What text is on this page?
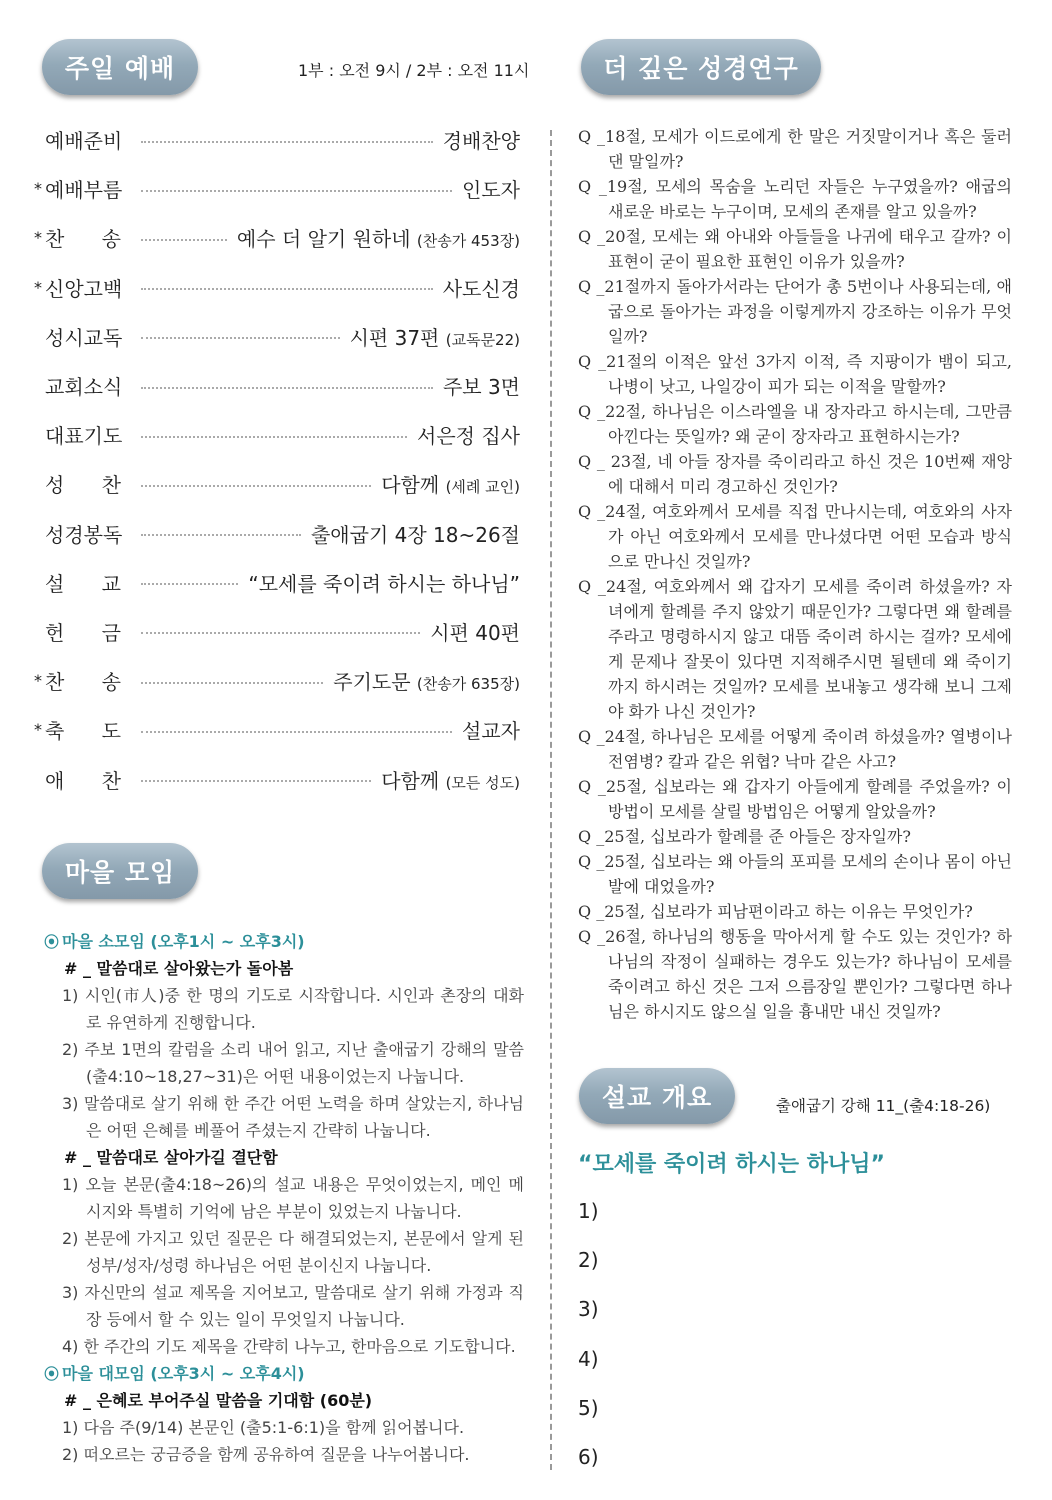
주일 예배	1부 : 오전 9시 / 2부 : 오전 11시	더 깊은 성경연구
마을 모임
설교 개요
예배준비	경배찬양
* 예배부름	인도자
* 찬 송	예수 더 알기 원하네 (찬송가 453장)
* 신앙고백	사도신경
성시교독	시편 37편 (교독문22)
교회소식	주보 3면
대표기도	서은정 집사
성 찬	다함께 (세례 교인)
성경봉독	출애굽기 4장 18~26절
설 교	“모세를 죽이려 하시는 하나님”
헌 금	시편 40편
* 찬 송	주기도문 (찬송가 635장)
* 축 도	설교자
애 찬	다함께 (모든 성도)
⦿ 마을 소모임 (오후1시 ~ 오후3시)
# _ 말씀대로 살아왔는가 돌아봄
1) 시인(市人)중 한 명의 기도로 시작합니다. 시인과 촌장의 대화로 유연하게 진행합니다.
2) 주보 1면의 칼럼을 소리 내어 읽고, 지난 출애굽기 강해의 말씀(출4:10~18,27~31)은 어떤 내용이었는지 나눕니다.
3) 말씀대로 살기 위해 한 주간 어떤 노력을 하며 살았는지, 하나님은 어떤 은혜를 베풀어 주셨는지 간략히 나눕니다.
# _ 말씀대로 살아가길 결단함
1) 오늘 본문(출4:18~26)의 설교 내용은 무엇이었는지, 메인 메시지와 특별히 기억에 남은 부분이 있었는지 나눕니다.
2) 본문에 가지고 있던 질문은 다 해결되었는지, 본문에서 알게 된 성부/성자/성령 하나님은 어떤 분이신지 나눕니다.
3) 자신만의 설교 제목을 지어보고, 말씀대로 살기 위해 가정과 직장 등에서 할 수 있는 일이 무엇일지 나눕니다.
4) 한 주간의 기도 제목을 간략히 나누고, 한마음으로 기도합니다.
⦿ 마을 대모임 (오후3시 ~ 오후4시)
# _ 은혜로 부어주실 말씀을 기대함 (60분)
1) 다음 주(9/14) 본문인 (출5:1-6:1)을 함께 읽어봅니다.
2) 떠오르는 궁금증을 함께 공유하여 질문을 나누어봅니다.
Q _18절, 모세가 이드로에게 한 말은 거짓말이거나 혹은 둘러댄 말일까?
Q _19절, 모세의 목숨을 노리던 자들은 누구였을까? 애굽의 새로운 바로는 누구이며, 모세의 존재를 알고 있을까?
Q _20절, 모세는 왜 아내와 아들들을 나귀에 태우고 갈까? 이 표현이 굳이 필요한 표현인 이유가 있을까?
Q _21절까지 돌아가서라는 단어가 총 5번이나 사용되는데, 애굽으로 돌아가는 과정을 이렇게까지 강조하는 이유가 무엇일까?
Q _21절의 이적은 앞선 3가지 이적, 즉 지팡이가 뱀이 되고, 나병이 낫고, 나일강이 피가 되는 이적을 말할까?
Q _22절, 하나님은 이스라엘을 내 장자라고 하시는데, 그만큼 아낀다는 뜻일까? 왜 굳이 장자라고 표현하시는가?
Q _ 23절, 네 아들 장자를 죽이리라고 하신 것은 10번째 재앙에 대해서 미리 경고하신 것인가?
Q _24절, 여호와께서 모세를 직접 만나시는데, 여호와의 사자가 아닌 여호와께서 모세를 만나셨다면 어떤 모습과 방식으로 만나신 것일까?
Q _24절, 여호와께서 왜 갑자기 모세를 죽이려 하셨을까? 자녀에게 할례를 주지 않았기 때문인가? 그렇다면 왜 할례를 주라고 명령하시지 않고 대뜸 죽이려 하시는 걸까? 모세에게 문제나 잘못이 있다면 지적해주시면 될텐데 왜 죽이기 까지 하시려는 것일까? 모세를 보내놓고 생각해 보니 그제야 화가 나신 것인가?
Q _24절, 하나님은 모세를 어떻게 죽이려 하셨을까? 열병이나 전염병? 칼과 같은 위협? 낙마 같은 사고?
Q _25절, 십보라는 왜 갑자기 아들에게 할례를 주었을까? 이 방법이 모세를 살릴 방법임은 어떻게 알았을까?
Q _25절, 십보라가 할례를 준 아들은 장자일까?
Q _25절, 십보라는 왜 아들의 포피를 모세의 손이나 몸이 아닌 발에 대었을까?
Q _25절, 십보라가 피남편이라고 하는 이유는 무엇인가?
Q _26절, 하나님의 행동을 막아서게 할 수도 있는 것인가? 하나님의 작정이 실패하는 경우도 있는가? 하나님이 모세를 죽이려고 하신 것은 그저 으름장일 뿐인가? 그렇다면 하나님은 하시지도 않으실 일을 흉내만 내신 것일까?
출애굽기 강해 11_(출4:18-26)
“모세를 죽이려 하시는 하나님”
1)
2)
3)
4)
5)
6)
